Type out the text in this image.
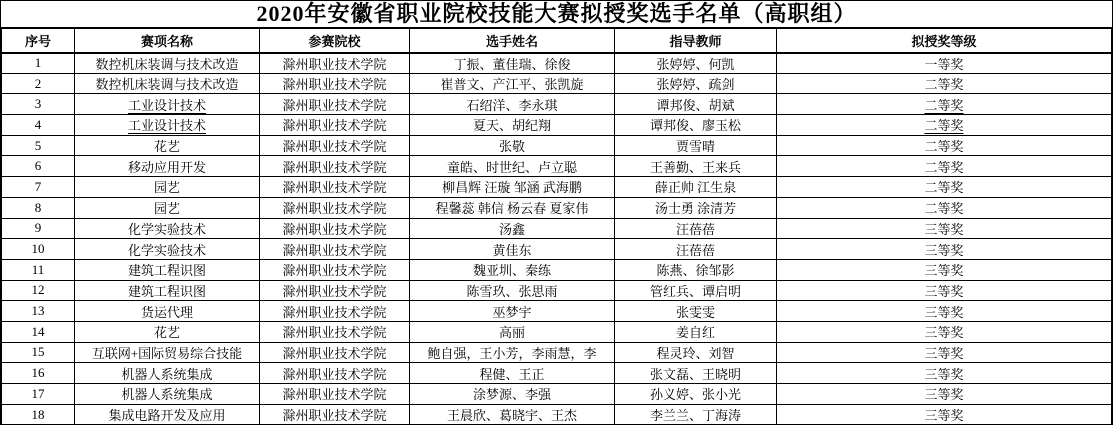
2020年安徽省职业院校技能大赛拟授奖选手名单（高职组）
序号	赛项名称	参赛院校	选手姓名	指导教师	拟授奖等级
1	数控机床装调与技术改造	滁州职业技术学院	丁振、董佳瑞、徐俊	张婷婷、何凯	一等奖
2	数控机床装调与技术改造	滁州职业技术学院	崔普文、产江平、张凯旋	张婷婷、疏剑	二等奖
3	工业设计技术	滁州职业技术学院	石绍洋、李永琪	谭邦俊、胡斌	二等奖
4	工业设计技术	滁州职业技术学院	夏天、胡纪翔	谭邦俊、廖玉松	二等奖
5	花艺	滁州职业技术学院	张敬	贾雪晴	二等奖
6	移动应用开发	滁州职业技术学院	童皓、时世纪、卢立聪	王善勤、王来兵	二等奖
7	园艺	滁州职业技术学院	柳昌辉 汪璇 邹涵 武海鹏	薛正帅 江生泉	二等奖
8	园艺	滁州职业技术学院	程馨蕊 韩信 杨云春 夏家伟	汤士勇 涂清芳	二等奖
9	化学实验技术	滁州职业技术学院	汤鑫	汪蓓蓓	三等奖
10	化学实验技术	滁州职业技术学院	黄佳东	汪蓓蓓	三等奖
11	建筑工程识图	滁州职业技术学院	魏亚圳、秦练	陈燕、徐邹影	三等奖
12	建筑工程识图	滁州职业技术学院	陈雪玖、张思雨	管红兵、谭启明	三等奖
13	货运代理	滁州职业技术学院	巫梦宇	张雯雯	三等奖
14	花艺	滁州职业技术学院	高丽	姜自红	三等奖
15	互联网+国际贸易综合技能	滁州职业技术学院	鲍自强，王小芳，李雨慧，李	程灵玲、刘智	三等奖
16	机器人系统集成	滁州职业技术学院	程健、王正	张文磊、王晓明	三等奖
17	机器人系统集成	滁州职业技术学院	涂梦源、李强	孙义婷、张小光	三等奖
18	集成电路开发及应用	滁州职业技术学院	王晨欣、葛晓宇、王杰	李兰兰、丁海涛	三等奖
